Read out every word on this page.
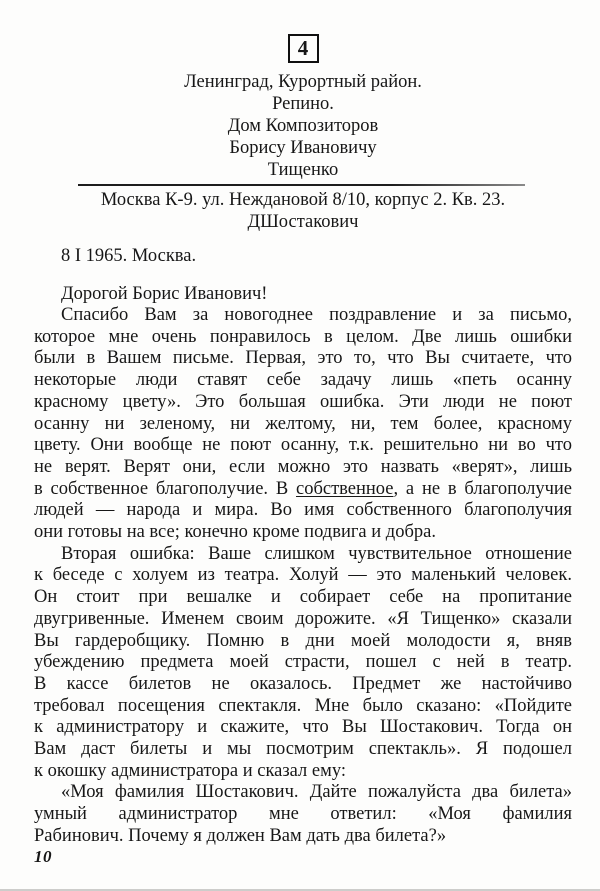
4
Ленинград, Курортный район.
Репино.
Дом Композиторов
Борису Ивановичу
Тищенко
Москва К-9. ул. Неждановой 8/10, корпус 2. Кв. 23.
ДШостакович
8 I 1965. Москва.
Дорогой Борис Иванович!
Спасибо Вам за новогоднее поздравление и за письмо,
которое мне очень понравилось в целом. Две лишь ошибки
были в Вашем письме. Первая, это то, что Вы считаете, что
некоторые люди ставят себе задачу лишь «петь осанну
красному цвету». Это большая ошибка. Эти люди не поют
осанну ни зеленому, ни желтому, ни, тем более, красному
цвету. Они вообще не поют осанну, т.к. решительно ни во что
не верят. Верят они, если можно это назвать «верят», лишь
в собственное благополучие. В собственное, а не в благополучие
людей — народа и мира. Во имя собственного благополучия
они готовы на все; конечно кроме подвига и добра.
Вторая ошибка: Ваше слишком чувствительное отношение
к беседе с холуем из театра. Холуй — это маленький человек.
Он стоит при вешалке и собирает себе на пропитание
двугривенные. Именем своим дорожите. «Я Тищенко» сказали
Вы гардеробщику. Помню в дни моей молодости я, вняв
убеждению предмета моей страсти, пошел с ней в театр.
В кассе билетов не оказалось. Предмет же настойчиво
требовал посещения спектакля. Мне было сказано: «Пойдите
к администратору и скажите, что Вы Шостакович. Тогда он
Вам даст билеты и мы посмотрим спектакль». Я подошел
к окошку администратора и сказал ему:
«Моя фамилия Шостакович. Дайте пожалуйста два билета»
умный администратор мне ответил: «Моя фамилия
Рабинович. Почему я должен Вам дать два билета?»
10
